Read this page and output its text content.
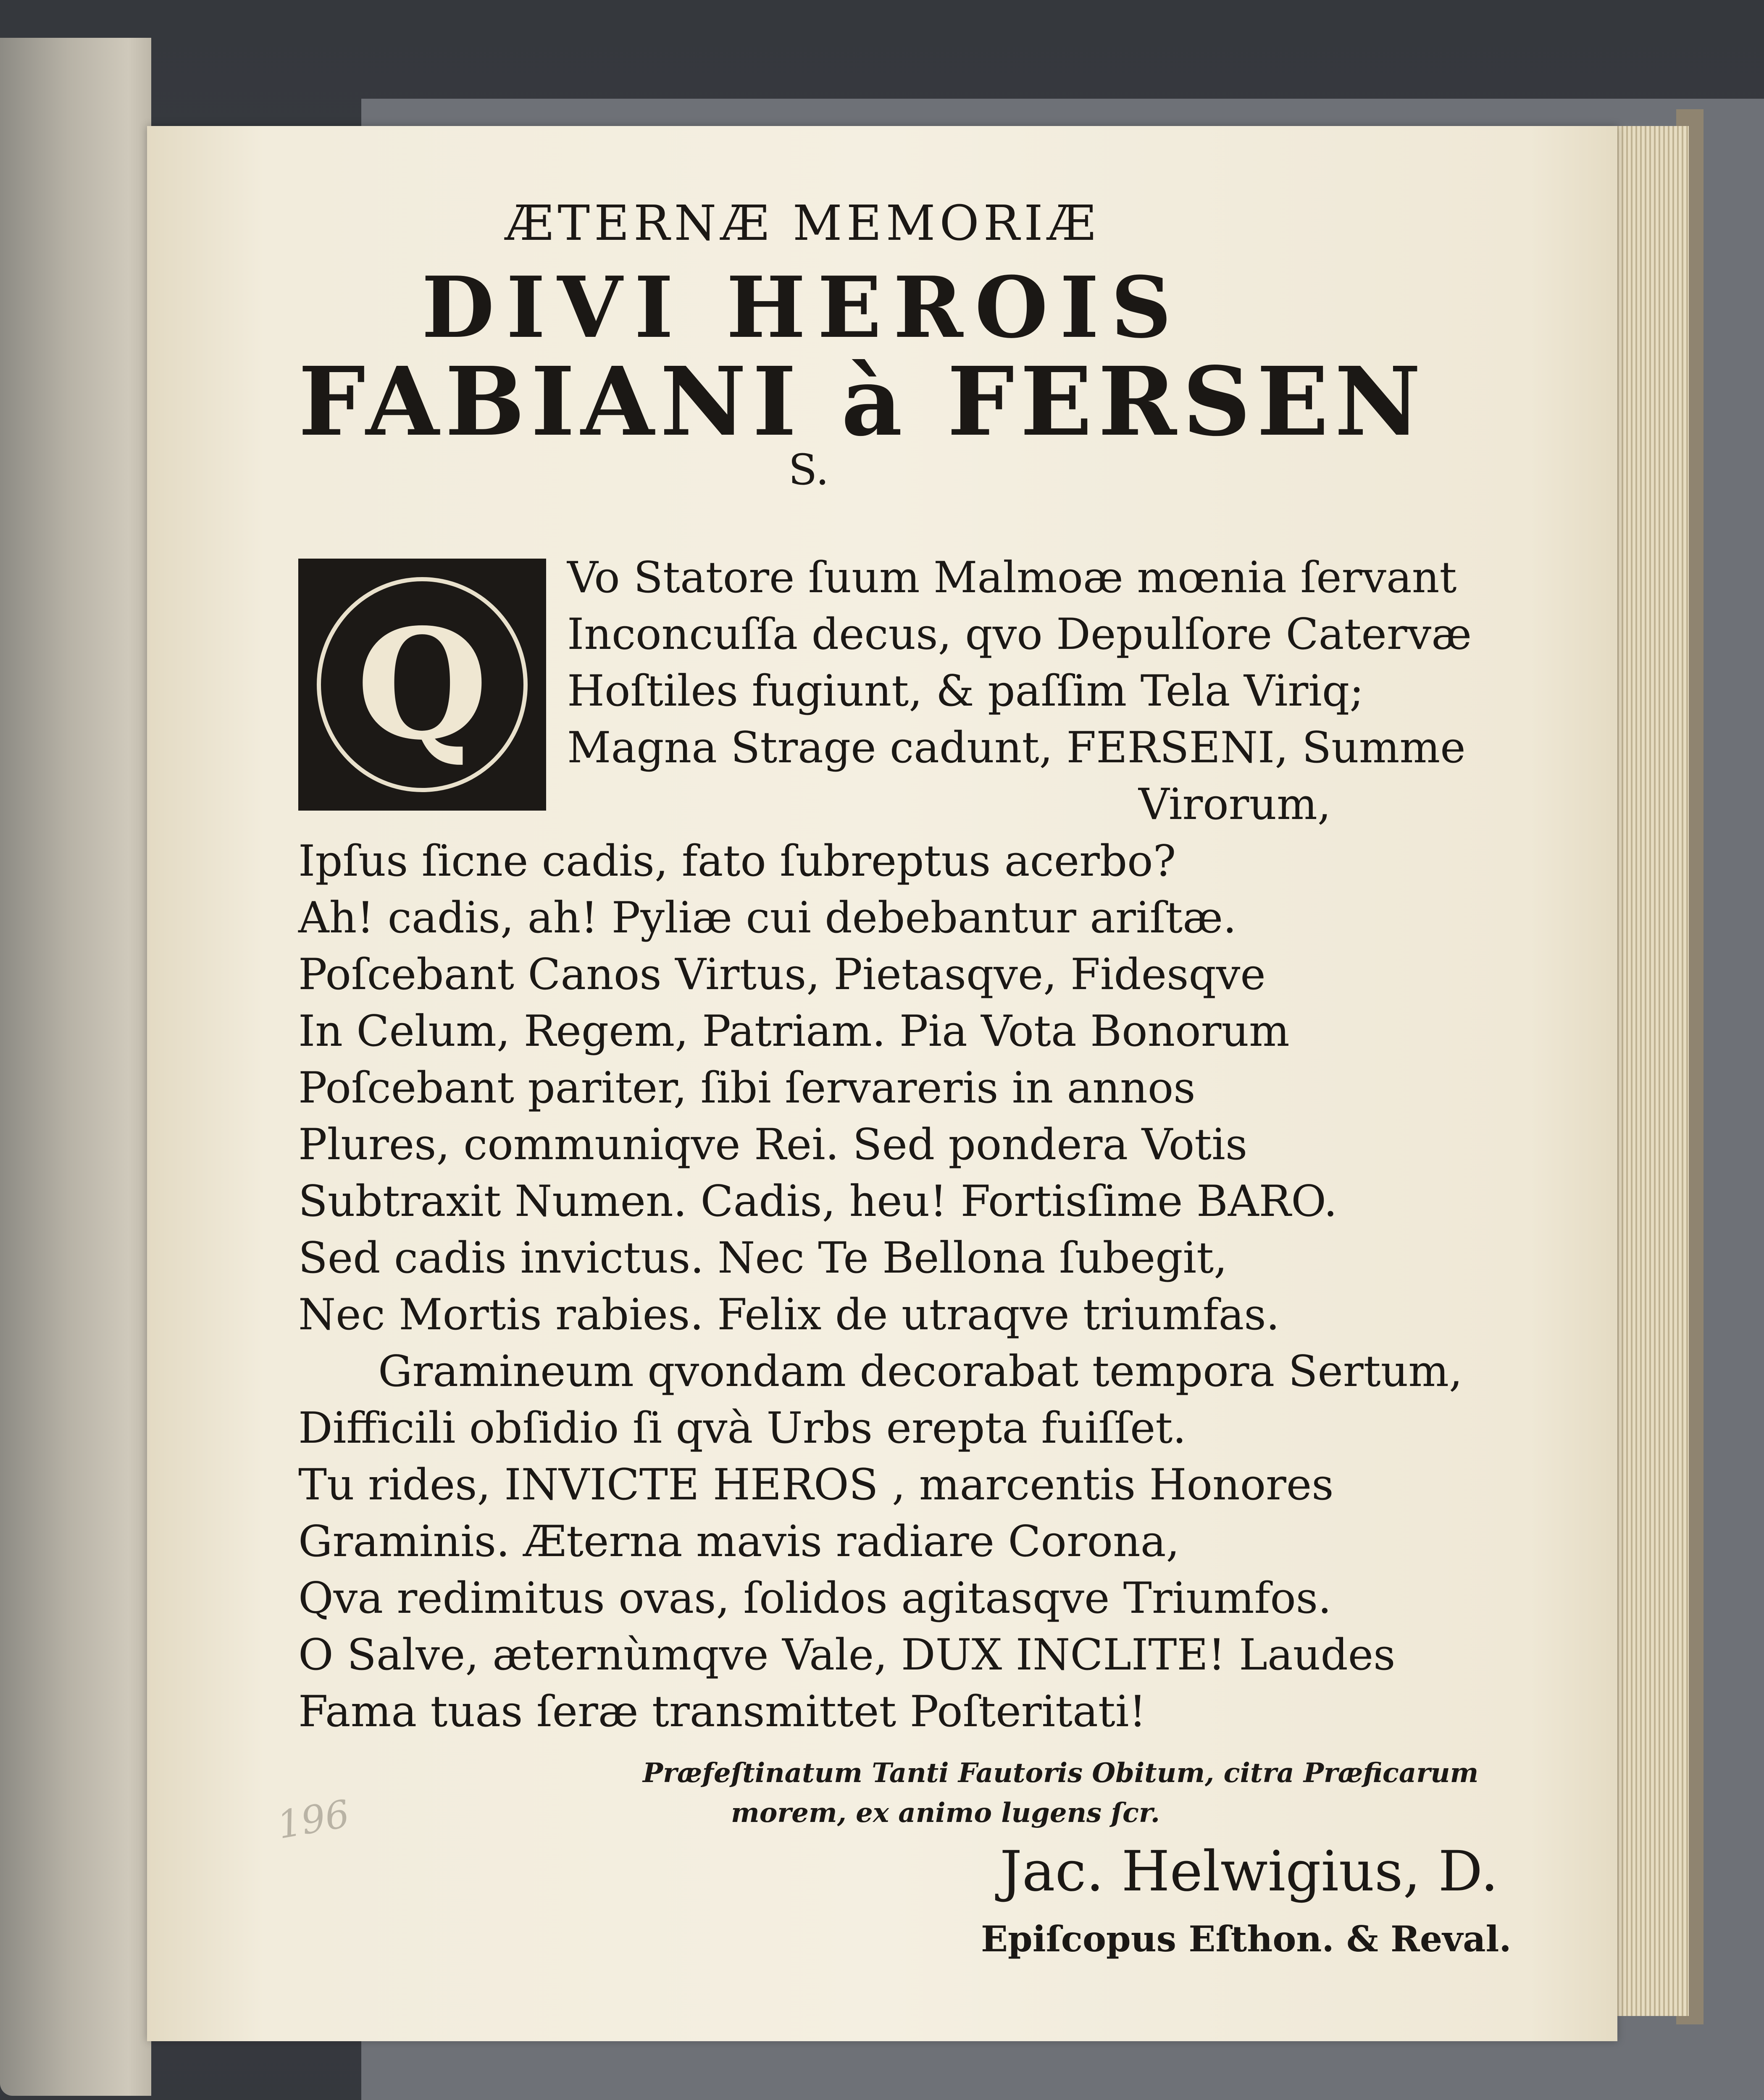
ÆTERNÆ MEMORIÆ
DIVI HEROIS
FABIANI à FERSEN
S.
Q
Vo Statore ſuum Malmoæ mœnia ſervant
Inconcuſſa decus, qvo Depulſore Catervæ
Hoſtiles fugiunt, & paſſim Tela Viriq;
Magna Strage cadunt, FERSENI, Summe
Virorum,
Ipſus ſicne cadis, fato ſubreptus acerbo?
Ah! cadis, ah! Pyliæ cui debebantur ariſtæ.
Poſcebant Canos Virtus, Pietasqve, Fidesqve
In Celum, Regem, Patriam. Pia Vota Bonorum
Poſcebant pariter, ſibi ſervareris in annos
Plures, communiqve Rei. Sed pondera Votis
Subtraxit Numen. Cadis, heu! Fortisſime BARO.
Sed cadis invictus. Nec Te Bellona ſubegit,
Nec Mortis rabies. Felix de utraqve triumfas.
Gramineum qvondam decorabat tempora Sertum,
Difficili obſidio ſi qvà Urbs erepta fuiſſet.
Tu rides, INVICTE HEROS , marcentis Honores
Graminis. Æterna mavis radiare Corona,
Qva redimitus ovas, ſolidos agitasqve Triumfos.
O Salve, æternùmqve Vale, DUX INCLITE! Laudes
Fama tuas ſeræ transmittet Poſteritati!
Præfeſtinatum Tanti Fautoris Obitum, citra Præficarum
morem, ex animo lugens ſcr.
Jac. Helwigius, D.
Epiſcopus Eſthon. & Reval.
196
